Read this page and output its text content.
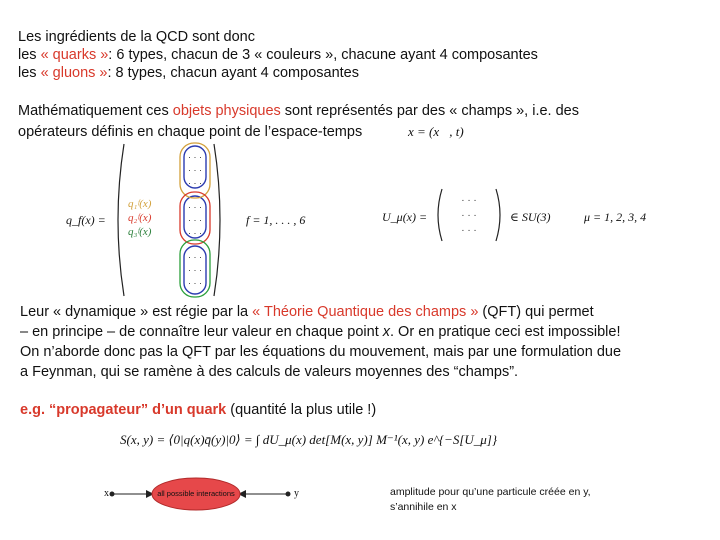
Les ingrédients de la QCD sont donc
les « quarks »: 6 types, chacun de 3 « couleurs », chacune ayant 4 composantes
les « gluons »: 8 types, chacun ayant 4 composantes
Mathématiquement ces objets physiques sont représentés par des « champs », i.e. des
opérateurs définis en chaque point de l’espace-temps	x = (x⃗, t)
q_f(x) =
· · ·
· · ·
· · ·
· · ·
· · ·
· · ·
· · ·
· · ·
· · ·
q₁ᶠ(x)
q₂ᶠ(x)
q₃ᶠ(x)
f = 1, . . . , 6	U_μ(x) =
· · ·
· · ·
· · ·
∈ SU(3)	μ = 1, 2, 3, 4
Leur « dynamique » est régie par la « Théorie Quantique des champs » (QFT) qui permet
– en principe – de connaître leur valeur en chaque point x. Or en pratique ceci est impossible!
On n’aborde donc pas la QFT par les équations du mouvement, mais par une formulation due
a Feynman, qui se ramène à des calculs de valeurs moyennes des “champs”.
e.g. “propagateur” d’un quark (quantité la plus utile !)
S(x, y) = ⟨0|q(x)q̄(y)|0⟩ = ∫ dU_μ(x) det[M(x, y)] M⁻¹(x, y) e^{−S[U_μ]}
x	y
all possible interactions	amplitude pour qu’une particule créée en y,
s’annihile en x
